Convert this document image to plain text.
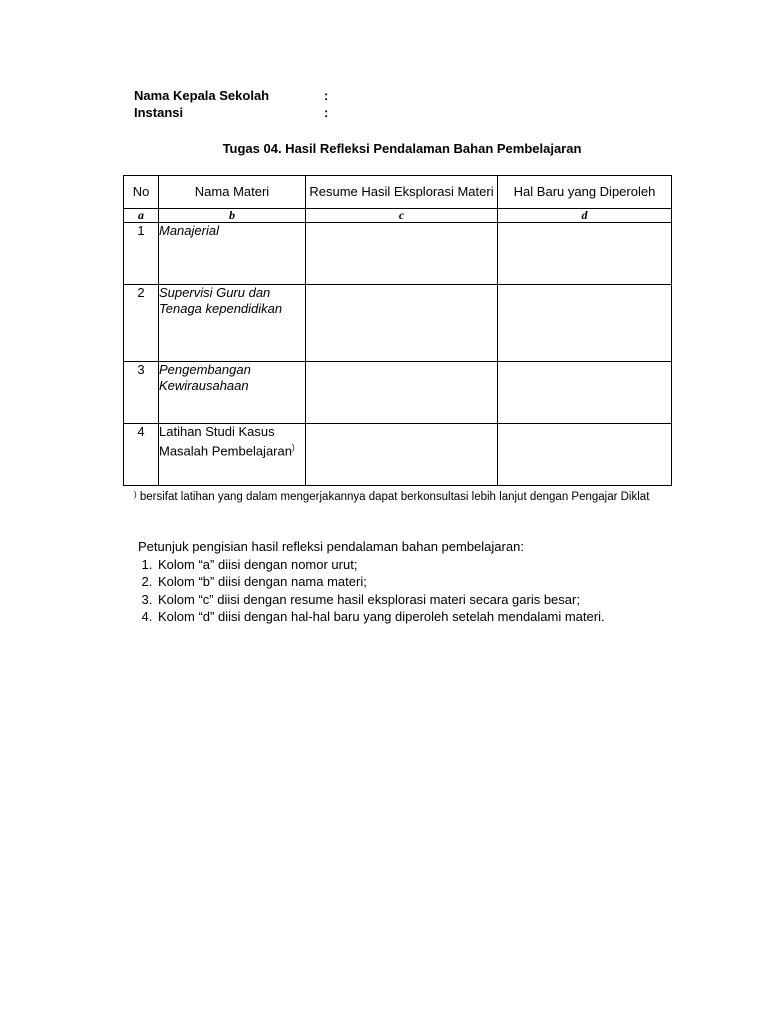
Nama Kepala Sekolah	:
Instansi	:
Tugas 04. Hasil Refleksi Pendalaman Bahan Pembelajaran
No	Nama Materi	Resume Hasil Eksplorasi Materi	Hal Baru yang Diperoleh
a	b	c	d
1	Manajerial		
2	Supervisi Guru dan Tenaga kependidikan		
3	Pengembangan Kewirausahaan		
4	Latihan Studi Kasus Masalah Pembelajaran)		
) bersifat latihan yang dalam mengerjakannya dapat berkonsultasi lebih lanjut dengan Pengajar Diklat
Petunjuk pengisian hasil refleksi pendalaman bahan pembelajaran:
1. Kolom “a” diisi dengan nomor urut;
2. Kolom “b” diisi dengan nama materi;
3. Kolom “c” diisi dengan resume hasil eksplorasi materi secara garis besar;
4. Kolom “d” diisi dengan hal-hal baru yang diperoleh setelah mendalami materi.
